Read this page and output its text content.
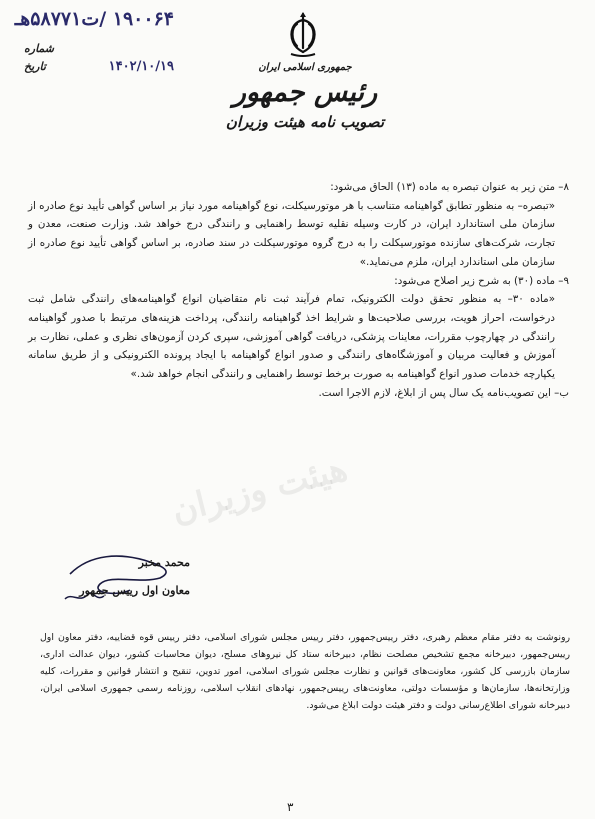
۱۹۰۰۶۴ /ت۵۸۷۷۱هـ
شماره
۱۴۰۲/۱۰/۱۹
تاریخ	جمهوری اسلامی ایران
رئیس جمهور
تصویب نامه هیئت وزیران

۸– متن زیر به عنوان تبصره به ماده (۱۳) الحاق می‌شود:

«تبصره– به منظور تطابق گواهینامه متناسب با هر موتورسیکلت، نوع گواهینامه مورد نیاز بر اساس گواهی تأیید نوع صادره از سازمان ملی استاندارد ایران، در کارت وسیله نقلیه توسط راهنمایی و رانندگی درج خواهد شد. وزارت صنعت، معدن و تجارت، شرکت‌های سازنده موتورسیکلت را به درج گروه موتورسیکلت در سند صادره، بر اساس گواهی تأیید نوع صادره از سازمان ملی استاندارد ایران، ملزم می‌نماید.»

۹– ماده (۳۰) به شرح زیر اصلاح می‌شود:

«ماده ۳۰– به منظور تحقق دولت الکترونیک، تمام فرآیند ثبت نام متقاضیان انواع گواهینامه‌های رانندگی شامل ثبت درخواست، احراز هویت، بررسی صلاحیت‌ها و شرایط اخذ گواهینامه رانندگی، پرداخت هزینه‌های مرتبط با صدور گواهینامه رانندگی در چهارچوب مقررات، معاینات پزشکی، دریافت گواهی آموزشی، سپری کردن آزمون‌های نظری و عملی، نظارت بر آموزش و فعالیت مربیان و آموزشگاه‌های رانندگی و صدور انواع گواهینامه با ایجاد پرونده الکترونیکی و از طریق سامانه یکپارچه خدمات صدور انواع گواهینامه به صورت برخط توسط راهنمایی و رانندگی انجام خواهد شد.»

ب– این تصویب‌نامه یک سال پس از ابلاغ، لازم الاجرا است.

هیئت وزیران
محمد مخبر
معاون اول رییس جمهور

رونوشت به دفتر مقام معظم رهبری، دفتر رییس‌جمهور، دفتر رییس مجلس شورای اسلامی، دفتر رییس قوه قضاییه، دفتر معاون اول رییس‌جمهور، دبیرخانه مجمع تشخیص مصلحت نظام، دبیرخانه ستاد کل نیروهای مسلح، دیوان محاسبات کشور، دیوان عدالت اداری، سازمان بازرسی کل کشور، معاونت‌های قوانین و نظارت مجلس شورای اسلامی، امور تدوین، تنقیح و انتشار قوانین و مقررات، کلیه وزارتخانه‌ها، سازمان‌ها و مؤسسات دولتی، معاونت‌های رییس‌جمهور، نهادهای انقلاب اسلامی، روزنامه رسمی جمهوری اسلامی ایران، دبیرخانه شورای اطلاع‌رسانی دولت و دفتر هیئت دولت ابلاغ می‌شود.

۳
